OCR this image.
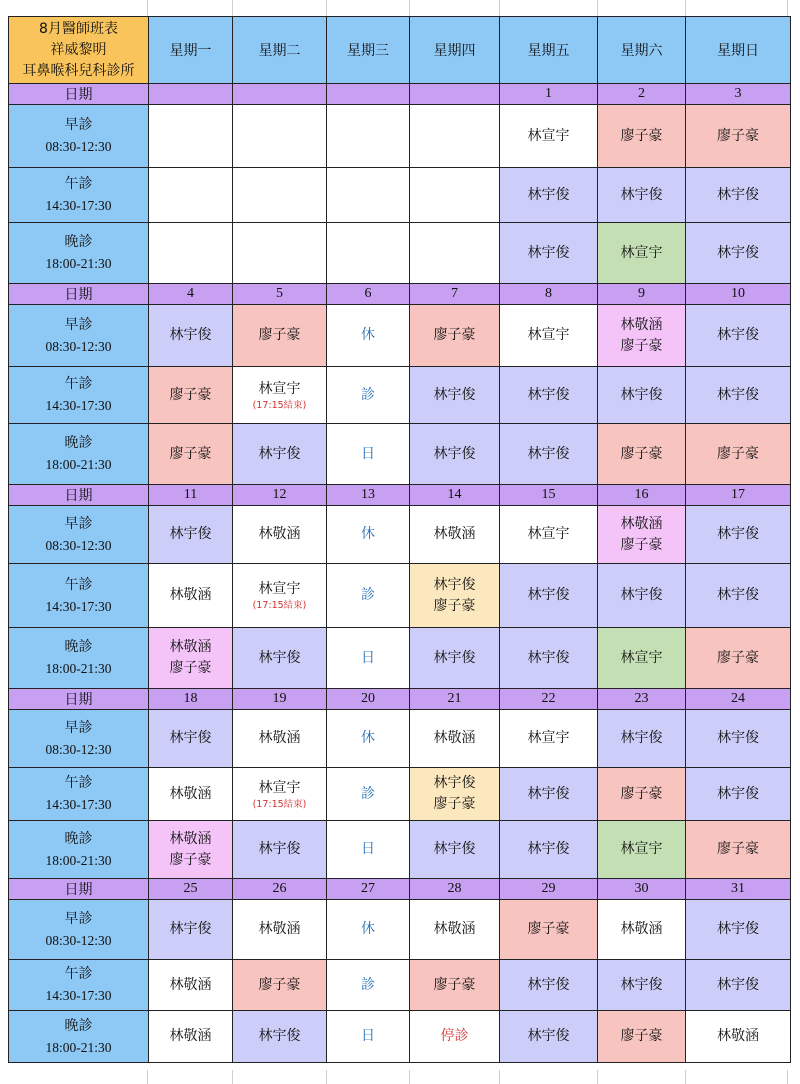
8月醫師班表
祥威黎明
耳鼻喉科兒科診所	星期一	星期二	星期三	星期四	星期五	星期六	星期日
日期					1	2	3

早診
08:30-12:30					林宣宇	廖子豪	廖子豪

午診
14:30-17:30					林宇俊	林宇俊	林宇俊

晚診
18:00-21:30					林宇俊	林宣宇	林宇俊

日期	4	5	6	7	8	9	10

早診
08:30-12:30	林宇俊	廖子豪	休	廖子豪	林宣宇	林敬涵
廖子豪	林宇俊

午診
14:30-17:30	廖子豪	林宣宇
(17:15結束)	診	林宇俊	林宇俊	林宇俊	林宇俊

晚診
18:00-21:30	廖子豪	林宇俊	日	林宇俊	林宇俊	廖子豪	廖子豪

日期	11	12	13	14	15	16	17

早診
08:30-12:30	林宇俊	林敬涵	休	林敬涵	林宣宇	林敬涵
廖子豪	林宇俊

午診
14:30-17:30	林敬涵	林宣宇
(17:15結束)	診	林宇俊
廖子豪	林宇俊	林宇俊	林宇俊

晚診
18:00-21:30	林敬涵
廖子豪	林宇俊	日	林宇俊	林宇俊	林宣宇	廖子豪

日期	18	19	20	21	22	23	24

早診
08:30-12:30	林宇俊	林敬涵	休	林敬涵	林宣宇	林宇俊	林宇俊

午診
14:30-17:30	林敬涵	林宣宇
(17:15結束)	診	林宇俊
廖子豪	林宇俊	廖子豪	林宇俊

晚診
18:00-21:30	林敬涵
廖子豪	林宇俊	日	林宇俊	林宇俊	林宣宇	廖子豪

日期	25	26	27	28	29	30	31

早診
08:30-12:30	林宇俊	林敬涵	休	林敬涵	廖子豪	林敬涵	林宇俊

午診
14:30-17:30	林敬涵	廖子豪	診	廖子豪	林宇俊	林宇俊	林宇俊

晚診
18:00-21:30	林敬涵	林宇俊	日	停診	林宇俊	廖子豪	林敬涵
